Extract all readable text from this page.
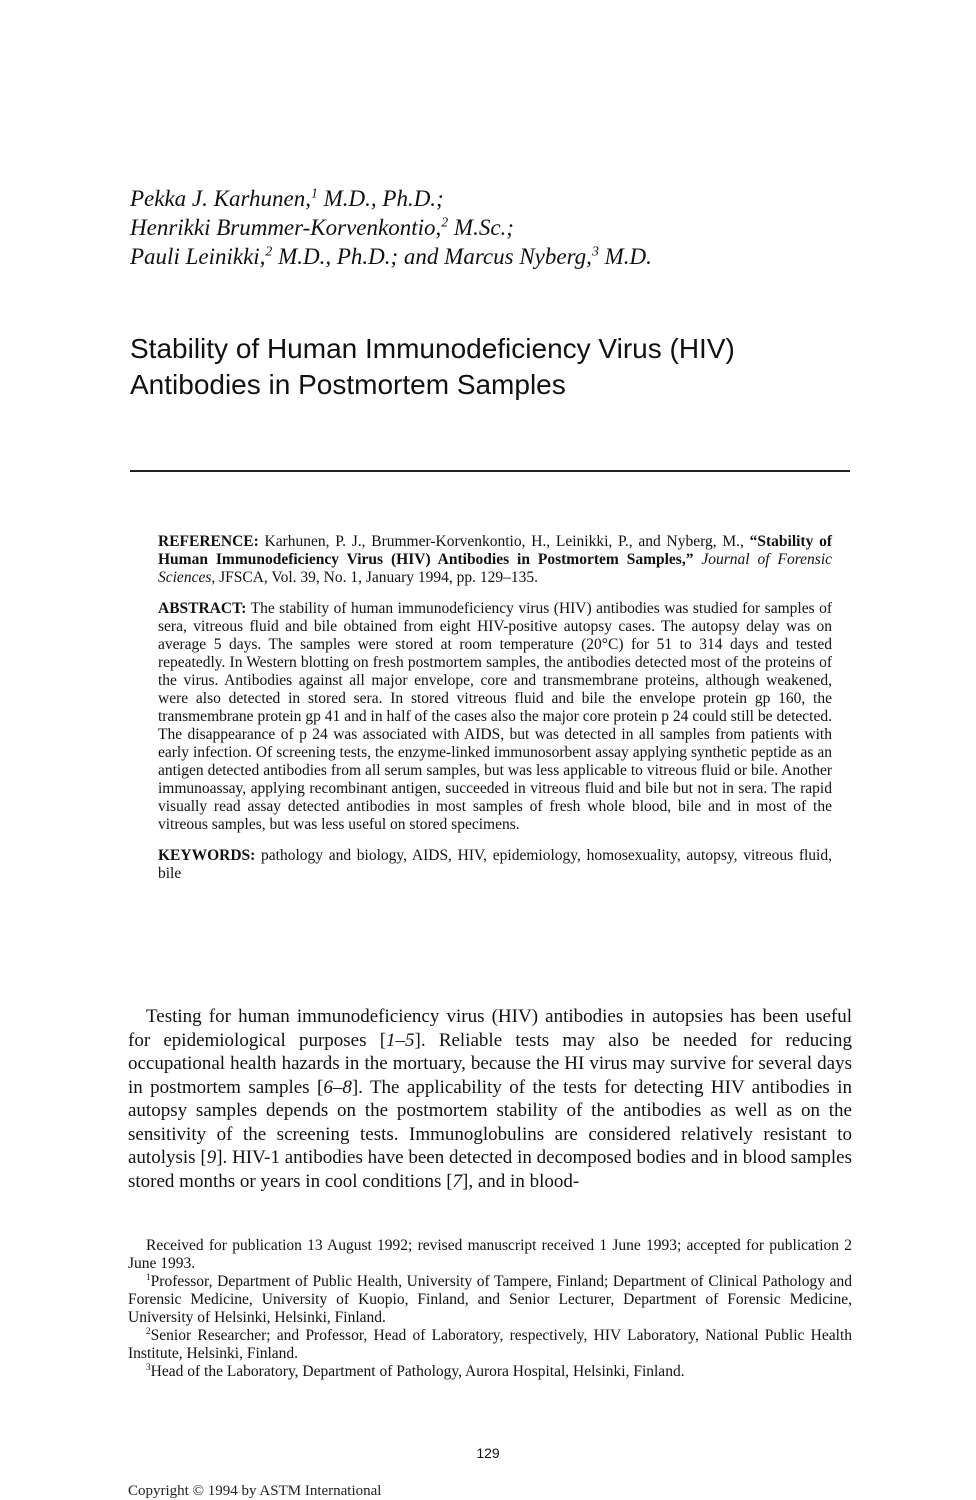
Pekka J. Karhunen,$^1$ M.D., Ph.D.;
Henrikki Brummer-Korvenkontio,$^2$ M.Sc.;
Pauli Leinikki,$^2$ M.D., Ph.D.; and Marcus Nyberg,$^3$ M.D.
Stability of Human Immunodeficiency Virus (HIV)
Antibodies in Postmortem Samples

REFERENCE: Karhunen, P. J., Brummer-Korvenkontio, H., Leinikki, P., and Nyberg, M., “Stability of Human Immunodeficiency Virus (HIV) Antibodies in Postmortem Samples,” Journal of Forensic Sciences, JFSCA, Vol. 39, No. 1, January 1994, pp. 129–135.

ABSTRACT: The stability of human immunodeficiency virus (HIV) antibodies was studied for samples of sera, vitreous fluid and bile obtained from eight HIV-positive autopsy cases. The autopsy delay was on average 5 days. The samples were stored at room temperature (20°C) for 51 to 314 days and tested repeatedly. In Western blotting on fresh postmortem samples, the antibodies detected most of the proteins of the virus. Antibodies against all major envelope, core and transmembrane proteins, although weakened, were also detected in stored sera. In stored vitreous fluid and bile the envelope protein gp 160, the transmembrane protein gp 41 and in half of the cases also the major core protein p 24 could still be detected. The disappearance of p 24 was associated with AIDS, but was detected in all samples from patients with early infection. Of screening tests, the enzyme-linked immunosorbent assay applying synthetic peptide as an antigen detected antibodies from all serum samples, but was less applicable to vitreous fluid or bile. Another immunoassay, applying recombinant antigen, succeeded in vitreous fluid and bile but not in sera. The rapid visually read assay detected antibodies in most samples of fresh whole blood, bile and in most of the vitreous samples, but was less useful on stored specimens.

KEYWORDS: pathology and biology, AIDS, HIV, epidemiology, homosexuality, autopsy, vitreous fluid, bile

Testing for human immunodeficiency virus (HIV) antibodies in autopsies has been useful for epidemiological purposes [1–5]. Reliable tests may also be needed for reducing occupational health hazards in the mortuary, because the HI virus may survive for several days in postmortem samples [6–8]. The applicability of the tests for detecting HIV antibodies in autopsy samples depends on the postmortem stability of the antibodies as well as on the sensitivity of the screening tests. Immunoglobulins are considered relatively resistant to autolysis [9]. HIV-1 antibodies have been detected in decomposed bodies and in blood samples stored months or years in cool conditions [7], and in blood-

Received for publication 13 August 1992; revised manuscript received 1 June 1993; accepted for publication 2 June 1993.

$^1$Professor, Department of Public Health, University of Tampere, Finland; Department of Clinical Pathology and Forensic Medicine, University of Kuopio, Finland, and Senior Lecturer, Department of Forensic Medicine, University of Helsinki, Helsinki, Finland.

$^2$Senior Researcher; and Professor, Head of Laboratory, respectively, HIV Laboratory, National Public Health Institute, Helsinki, Finland.

$^3$Head of the Laboratory, Department of Pathology, Aurora Hospital, Helsinki, Finland.

129
Copyright © 1994 by ASTM International
